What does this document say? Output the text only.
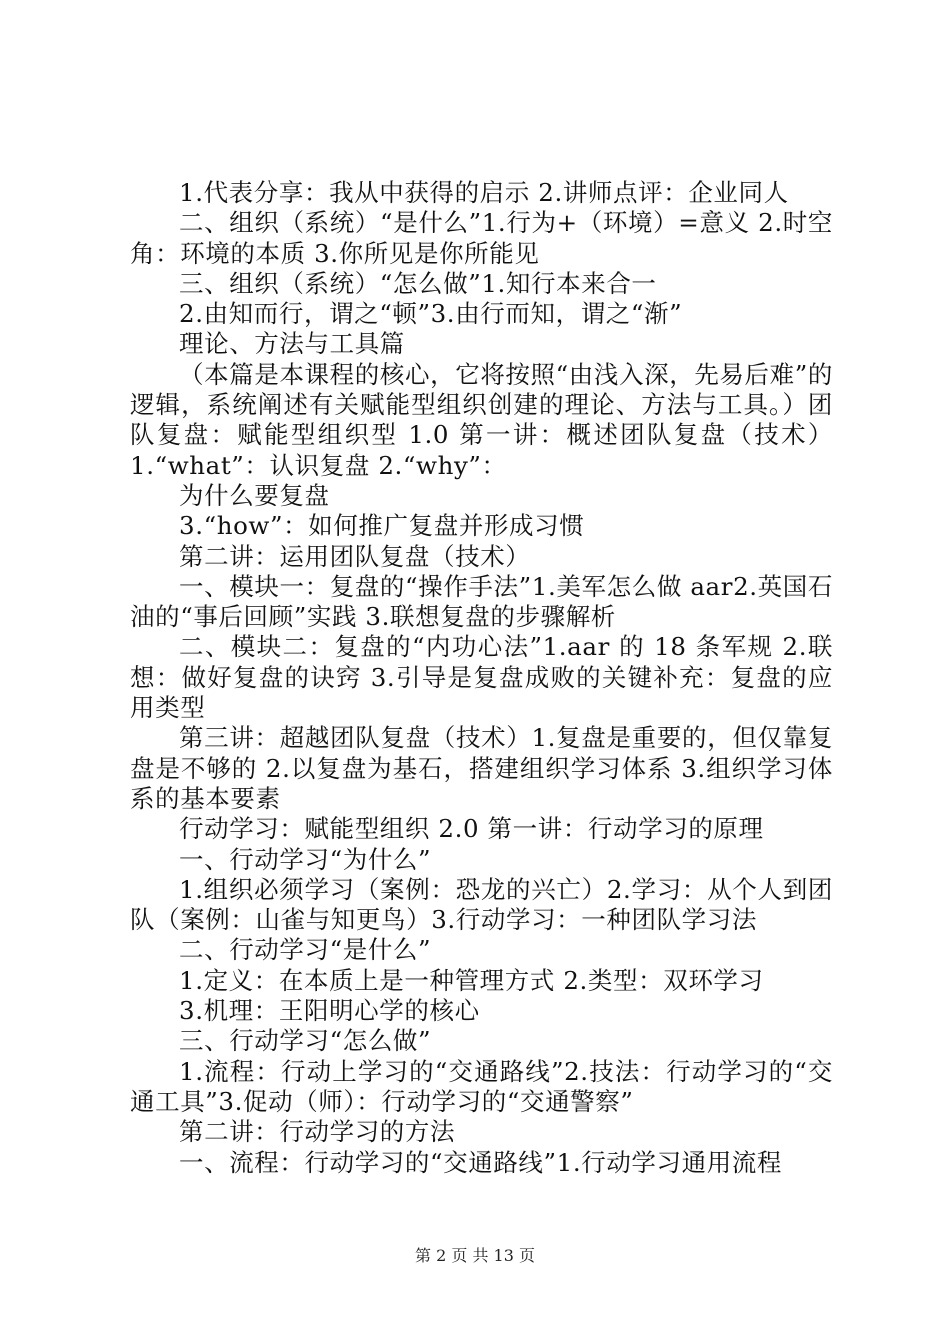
1.代表分享：我从中获得的启示 2.讲师点评：企业同人

二、组织（系统）“是什么”1.行为+（环境）=意义 2.时空角：环境的本质 3.你所见是你所能见

三、组织（系统）“怎么做”1.知行本来合一

2.由知而行，谓之“顿”3.由行而知，谓之“渐”

理论、方法与工具篇

（本篇是本课程的核心，它将按照“由浅入深，先易后难”的逻辑，系统阐述有关赋能型组织创建的理论、方法与工具。）团队复盘：赋能型组织型 1.0 第一讲：概述团队复盘（技术）1.“what”：认识复盘 2.“why”：

为什么要复盘

3.“how”：如何推广复盘并形成习惯

第二讲：运用团队复盘（技术）

一、模块一：复盘的“操作手法”1.美军怎么做 aar2.英国石油的“事后回顾”实践 3.联想复盘的步骤解析

二、模块二：复盘的“内功心法”1.aar 的 18 条军规 2.联想：做好复盘的诀窍 3.引导是复盘成败的关键补充：复盘的应用类型

第三讲：超越团队复盘（技术）1.复盘是重要的，但仅靠复盘是不够的 2.以复盘为基石，搭建组织学习体系 3.组织学习体系的基本要素

行动学习：赋能型组织 2.0 第一讲：行动学习的原理

一、行动学习“为什么”

1.组织必须学习（案例：恐龙的兴亡）2.学习：从个人到团队（案例：山雀与知更鸟）3.行动学习：一种团队学习法

二、行动学习“是什么”

1.定义：在本质上是一种管理方式 2.类型：双环学习

3.机理：王阳明心学的核心

三、行动学习“怎么做”

1.流程：行动上学习的“交通路线”2.技法：行动学习的“交通工具”3.促动（师）：行动学习的“交通警察”

第二讲：行动学习的方法

一、流程：行动学习的“交通路线”1.行动学习通用流程

第 2 页 共 13 页
